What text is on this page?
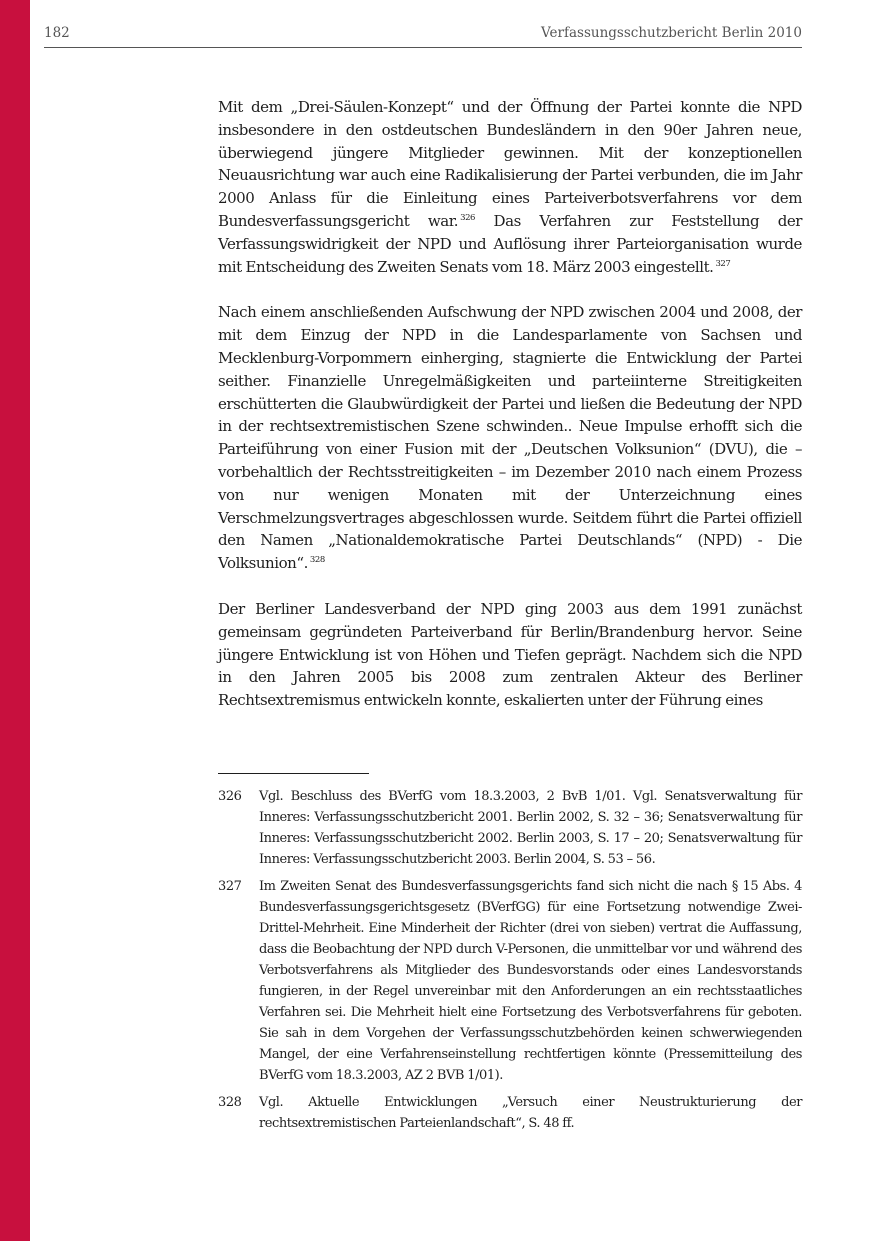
182	Verfassungsschutzbericht Berlin 2010

Mit dem „Drei-Säulen-Konzept“ und der Öffnung der Partei konnte die NPD insbesondere in den ostdeutschen Bundesländern in den 90er Jahren neue, überwiegend jüngere Mitglieder gewinnen. Mit der konzeptionellen Neuausrichtung war auch eine Radikalisierung der Partei verbunden, die im Jahr 2000 Anlass für die Einleitung eines Parteiverbotsverfahrens vor dem Bundesverfassungsgericht war. $^{326}$ Das Verfahren zur Feststellung der Verfassungswidrigkeit der NPD und Auflösung ihrer Parteiorganisation wurde mit Entscheidung des Zweiten Senats vom 18. März 2003 eingestellt. $^{327}$

Nach einem anschließenden Aufschwung der NPD zwischen 2004 und 2008, der mit dem Einzug der NPD in die Landesparlamente von Sachsen und Mecklenburg-Vorpommern einherging, stagnierte die Entwicklung der Partei seither. Finanzielle Unregelmäßigkeiten und parteiinterne Streitigkeiten erschütterten die Glaubwürdigkeit der Partei und ließen die Bedeutung der NPD in der rechtsextremistischen Szene schwinden.. Neue Impulse erhofft sich die Parteiführung von einer Fusion mit der „Deutschen Volksunion“ (DVU), die – vorbehaltlich der Rechtsstreitigkeiten – im Dezember 2010 nach einem Prozess von nur wenigen Monaten mit der Unterzeichnung eines Verschmelzungsvertrages abgeschlossen wurde. Seitdem führt die Partei offiziell den Namen „Nationaldemokratische Partei Deutschlands“ (NPD) - Die Volksunion“. $^{328}$

Der Berliner Landesverband der NPD ging 2003 aus dem 1991 zunächst gemeinsam gegründeten Parteiverband für Berlin/Brandenburg hervor. Seine jüngere Entwicklung ist von Höhen und Tiefen geprägt. Nachdem sich die NPD in den Jahren 2005 bis 2008 zum zentralen Akteur des Berliner Rechtsextremismus entwickeln konnte, eskalierten unter der Führung eines

326	Vgl. Beschluss des BVerfG vom 18.3.2003, 2 BvB 1/01. Vgl. Senatsverwaltung für Inneres: Verfassungsschutzbericht 2001. Berlin 2002, S. 32 – 36; Senatsverwaltung für Inneres: Verfassungsschutzbericht 2002. Berlin 2003, S. 17 – 20; Senatsverwaltung für Inneres: Verfassungsschutzbericht 2003. Berlin 2004, S. 53 – 56.
327	Im Zweiten Senat des Bundesverfassungsgerichts fand sich nicht die nach § 15 Abs. 4 Bundesverfassungsgerichtsgesetz (BVerfGG) für eine Fortsetzung notwendige Zwei-Drittel-Mehrheit. Eine Minderheit der Richter (drei von sieben) vertrat die Auffassung, dass die Beobachtung der NPD durch V-Personen, die unmittelbar vor und während des Verbotsverfahrens als Mitglieder des Bundesvorstands oder eines Landesvorstands fungieren, in der Regel unvereinbar mit den Anforderungen an ein rechtsstaatliches Verfahren sei. Die Mehrheit hielt eine Fortsetzung des Verbotsverfahrens für geboten. Sie sah in dem Vorgehen der Verfassungsschutzbehörden keinen schwerwiegenden Mangel, der eine Verfahrenseinstellung rechtfertigen könnte (Pressemitteilung des BVerfG vom 18.3.2003, AZ 2 BVB 1/01).
328	Vgl. Aktuelle Entwicklungen „Versuch einer Neustrukturierung der rechtsextremistischen Parteienlandschaft“, S. 48 ff.
